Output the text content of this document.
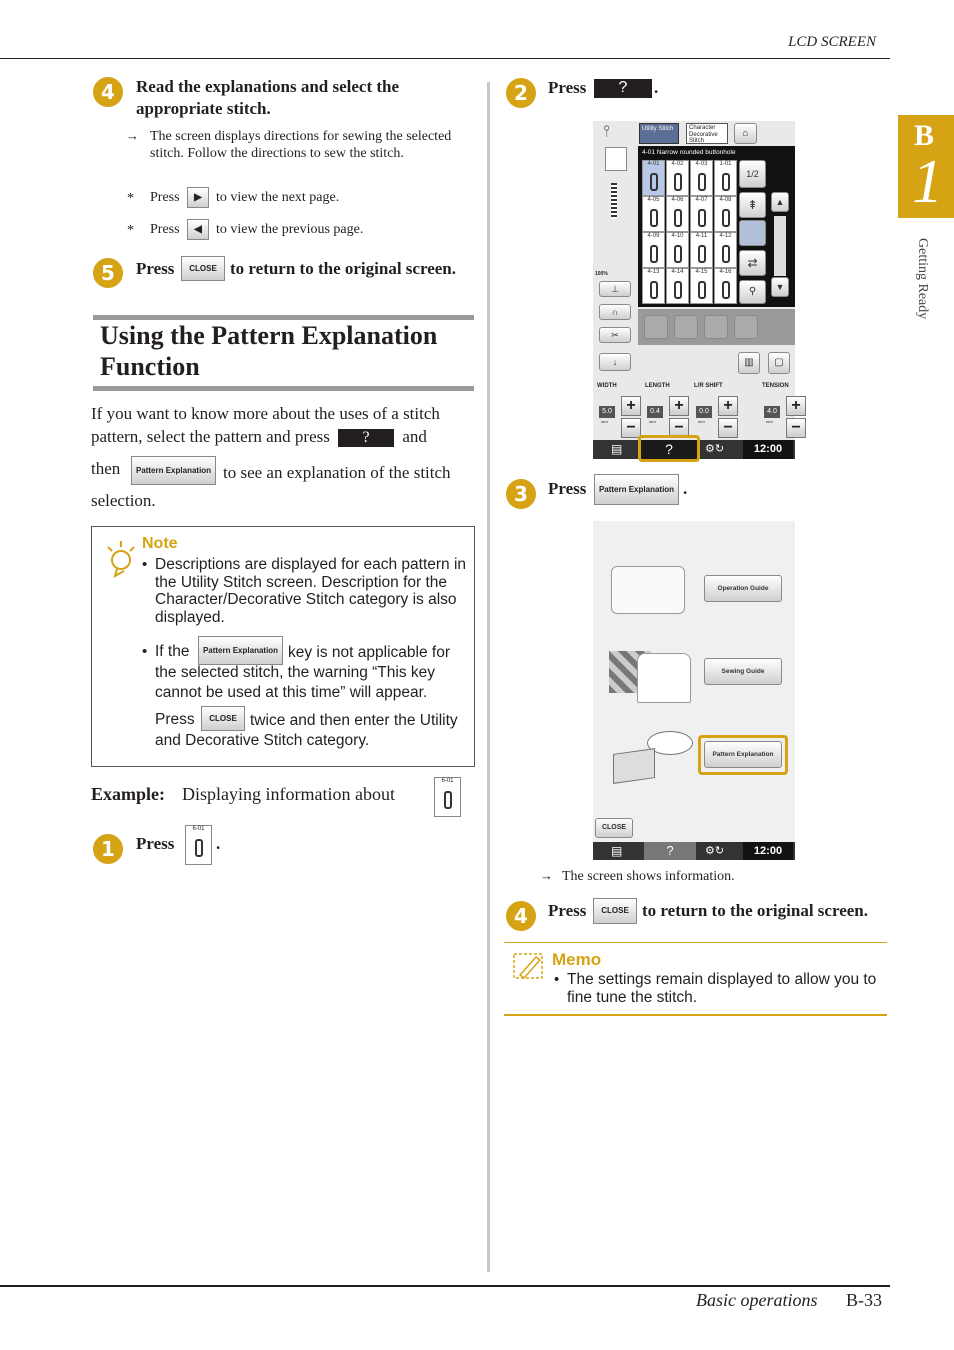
LCD SCREEN
B
1
Getting Ready
4	Read the explanations and select the appropriate stitch.
→ The screen displays directions for sewing the selected stitch. Follow the directions to sew the stitch.
* Press	▶	to view the next page.
* Press	◀	to view the previous page.
5	Press	CLOSE to return to the original screen.
Using the Pattern Explanation Function
If you want to know more about the uses of a stitch pattern, select the pattern and press ? and
then	Pattern Explanation to see an explanation of the stitch selection.
Note
• Descriptions are displayed for each pattern in the Utility Stitch screen. Description for the Character/Decorative Stitch category is also displayed.
• If the	Pattern Explanation key is not applicable for the selected stitch, the warning “This key cannot be used at this time” will appear.
Press	CLOSE twice and then enter the Utility and Decorative Stitch category.
Example: Displaying information about
6-01
1	Press
6-01
.
2	Press	?	.
⫯	Utility Stitch	Character Decorative Stitch
⌂
4-01 Narrow rounded buttonhole
4-01	4-02	4-03	1-01
4-05	4-06	4-07	4-08
4-09	4-10	4-11	4-12
4-13	4-14	4-15	4-16
1/2
⇞
⇄
⚲
▲
▼
100%
⊥
∩
✂
↓	▥	▢
WIDTH
5.0
mm
+
−
LENGTH
0.4
mm
+
−
L/R SHIFT
0.0
mm
+
−
TENSION
4.0
mm
+
−
▤	?	⚙↻	12:00
3	Press	Pattern Explanation .
Operation Guide
Sewing Guide
Pattern Explanation
CLOSE
▤	?	⚙↻	12:00
→ The screen shows information.
4	Press	CLOSE to return to the original screen.
Memo
• The settings remain displayed to allow you to fine tune the stitch.
Basic operations B-33
